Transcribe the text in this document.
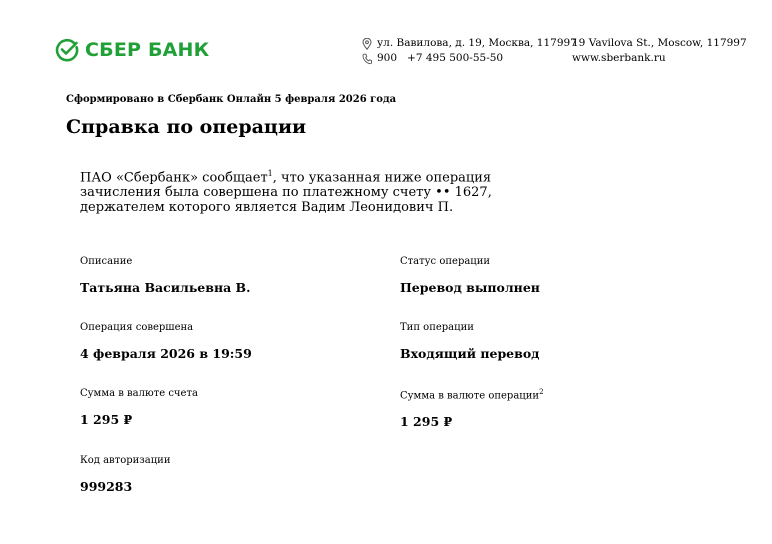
СБЕР БАНК	ул. Вавилова, д. 19, Москва, 117997
900 +7 495 500-55-50
19 Vavilova St., Moscow, 117997
www.sberbank.ru
Сформировано в Сбербанк Онлайн 5 февраля 2026 года
Справка по операции
ПАО «Сбербанк» сообщает$^1$, что указанная ниже операция зачисления была совершена по платежному счету •• 1627, держателем которого является Вадим Леонидович П.
Описание
Татьяна Васильевна В.
Статус операции
Перевод выполнен
Операция совершена
4 февраля 2026 в 19:59
Тип операции
Входящий перевод
Сумма в валюте счета
1 295 ₽
Сумма в валюте операции$^2$
1 295 ₽
Код авторизации
999283
